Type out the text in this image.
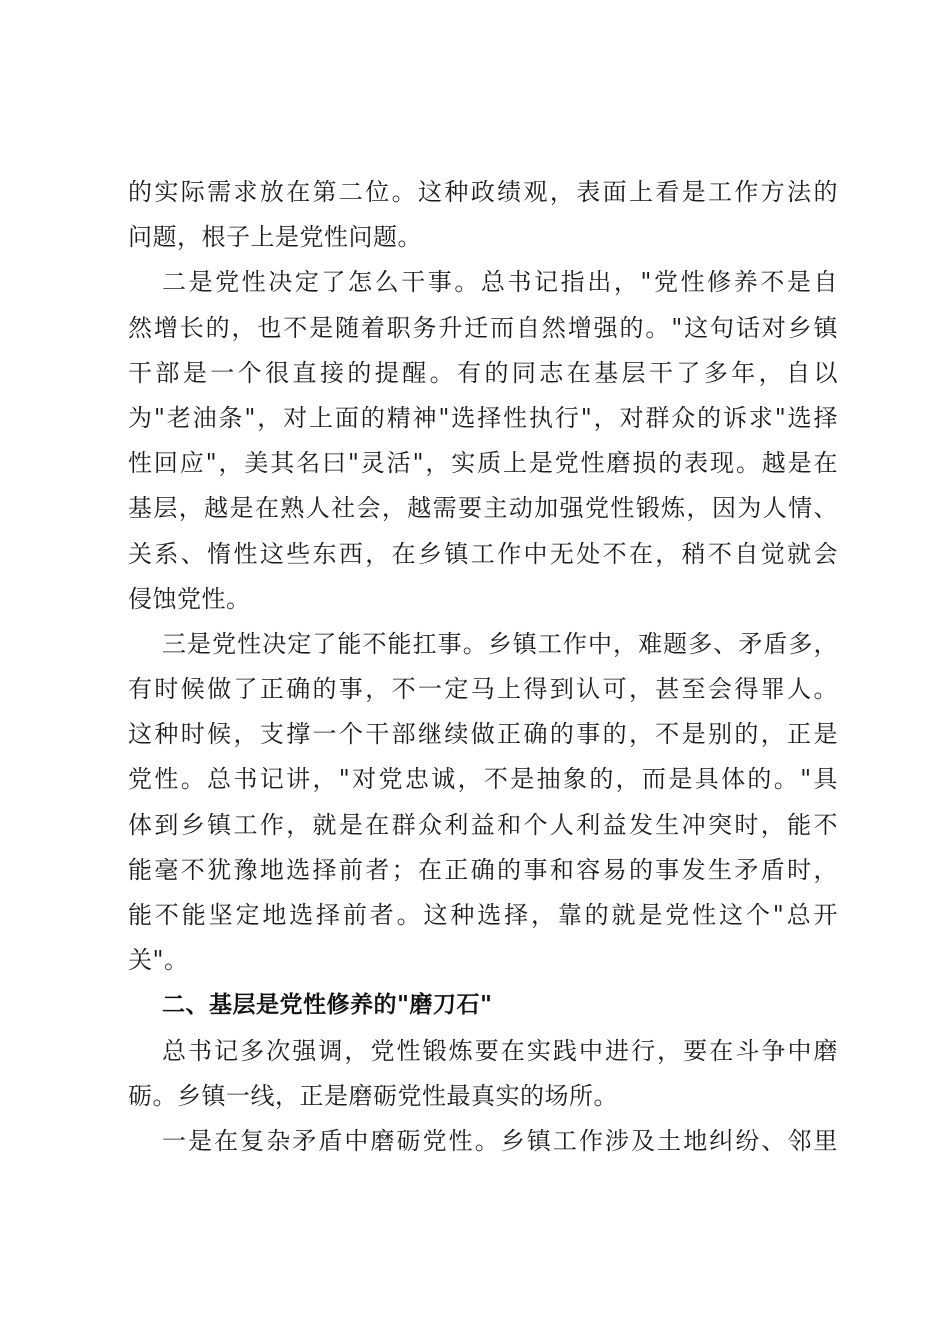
的实际需求放在第二位。这种政绩观，表面上看是工作方法的
问题，根子上是党性问题。
二是党性决定了怎么干事。总书记指出，"党性修养不是自
然增长的，也不是随着职务升迁而自然增强的。"这句话对乡镇
干部是一个很直接的提醒。有的同志在基层干了多年，自以
为"老油条"，对上面的精神"选择性执行"，对群众的诉求"选择
性回应"，美其名曰"灵活"，实质上是党性磨损的表现。越是在
基层，越是在熟人社会，越需要主动加强党性锻炼，因为人情、
关系、惰性这些东西，在乡镇工作中无处不在，稍不自觉就会
侵蚀党性。
三是党性决定了能不能扛事。乡镇工作中，难题多、矛盾多，
有时候做了正确的事，不一定马上得到认可，甚至会得罪人。
这种时候，支撑一个干部继续做正确的事的，不是别的，正是
党性。总书记讲，"对党忠诚，不是抽象的，而是具体的。"具
体到乡镇工作，就是在群众利益和个人利益发生冲突时，能不
能毫不犹豫地选择前者；在正确的事和容易的事发生矛盾时，
能不能坚定地选择前者。这种选择，靠的就是党性这个"总开
关"。
二、基层是党性修养的"磨刀石"
总书记多次强调，党性锻炼要在实践中进行，要在斗争中磨
砺。乡镇一线，正是磨砺党性最真实的场所。
一是在复杂矛盾中磨砺党性。乡镇工作涉及土地纠纷、邻里
